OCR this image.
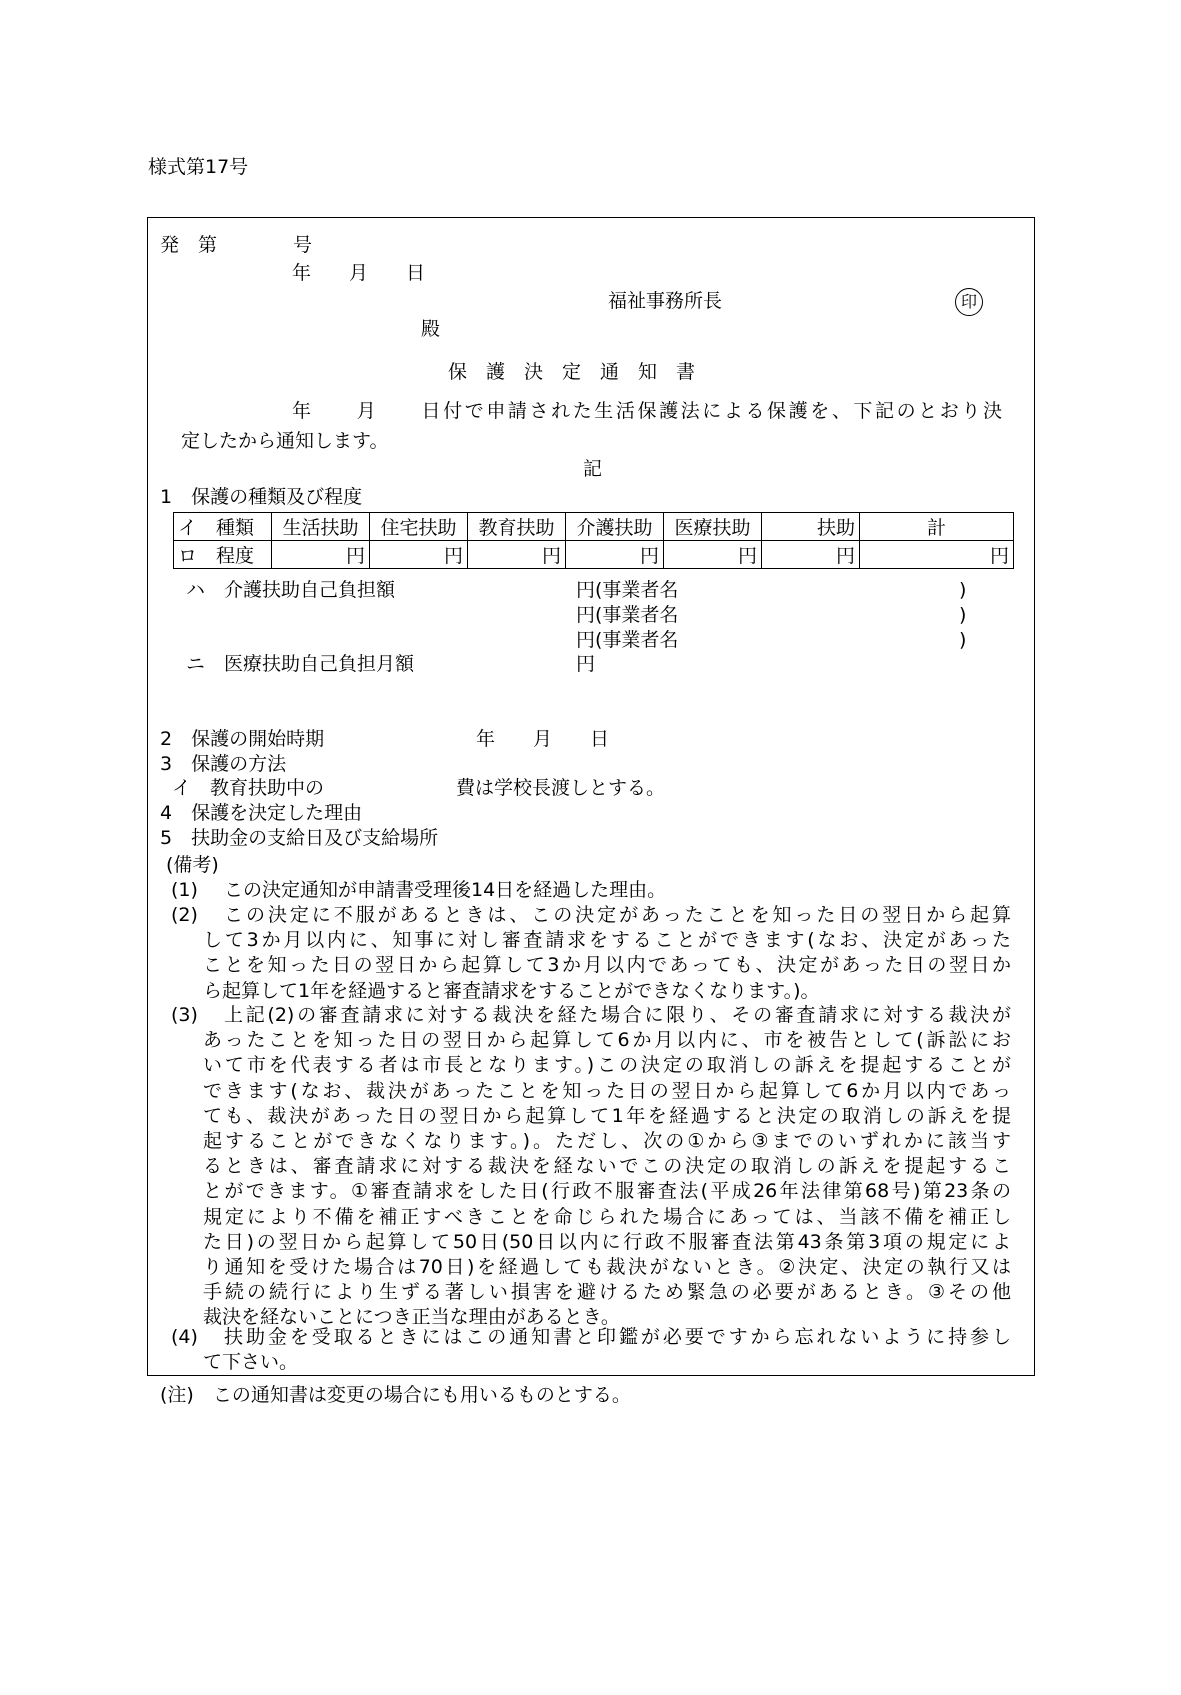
様式第17号
発　第　　　　号
年　　月　　日
福祉事務所長	印
殿
保　護　決　定　通　知　書
年　　月　　日付で申請された生活保護法による保護を、下記のとおり決
定したから通知します。
記
1　保護の種類及び程度
イ　種類	生活扶助	住宅扶助	教育扶助	介護扶助	医療扶助	扶助	計
ロ　程度	円	円	円	円	円	円	円
ハ　介護扶助自己負担額	円(事業者名	)
円(事業者名	)
円(事業者名	)
ニ　医療扶助自己負担月額	円
2　保護の開始時期	年　　月　　日
3　保護の方法
イ　教育扶助中の	費は学校長渡しとする。
4　保護を決定した理由
5　扶助金の支給日及び支給場所
(備考)
(1) この決定通知が申請書受理後14日を経過した理由。
(2) この決定に不服があるときは、この決定があったことを知った日の翌日から起算
して3か月以内に、知事に対し審査請求をすることができます(なお、決定があった
ことを知った日の翌日から起算して3か月以内であっても、決定があった日の翌日か
ら起算して1年を経過すると審査請求をすることができなくなります。)。
(3) 上記(2)の審査請求に対する裁決を経た場合に限り、その審査請求に対する裁決が
あったことを知った日の翌日から起算して6か月以内に、市を被告として(訴訟にお
いて市を代表する者は市長となります。)この決定の取消しの訴えを提起することが
できます(なお、裁決があったことを知った日の翌日から起算して6か月以内であっ
ても、裁決があった日の翌日から起算して1年を経過すると決定の取消しの訴えを提
起することができなくなります。)。ただし、次の①から③までのいずれかに該当す
るときは、審査請求に対する裁決を経ないでこの決定の取消しの訴えを提起するこ
とができます。①審査請求をした日(行政不服審査法(平成26年法律第68号)第23条の
規定により不備を補正すべきことを命じられた場合にあっては、当該不備を補正し
た日)の翌日から起算して50日(50日以内に行政不服審査法第43条第3項の規定によ
り通知を受けた場合は70日)を経過しても裁決がないとき。②決定、決定の執行又は
手続の続行により生ずる著しい損害を避けるため緊急の必要があるとき。③その他
裁決を経ないことにつき正当な理由があるとき。
(4) 扶助金を受取るときにはこの通知書と印鑑が必要ですから忘れないように持参し
て下さい。
(注)　この通知書は変更の場合にも用いるものとする。
